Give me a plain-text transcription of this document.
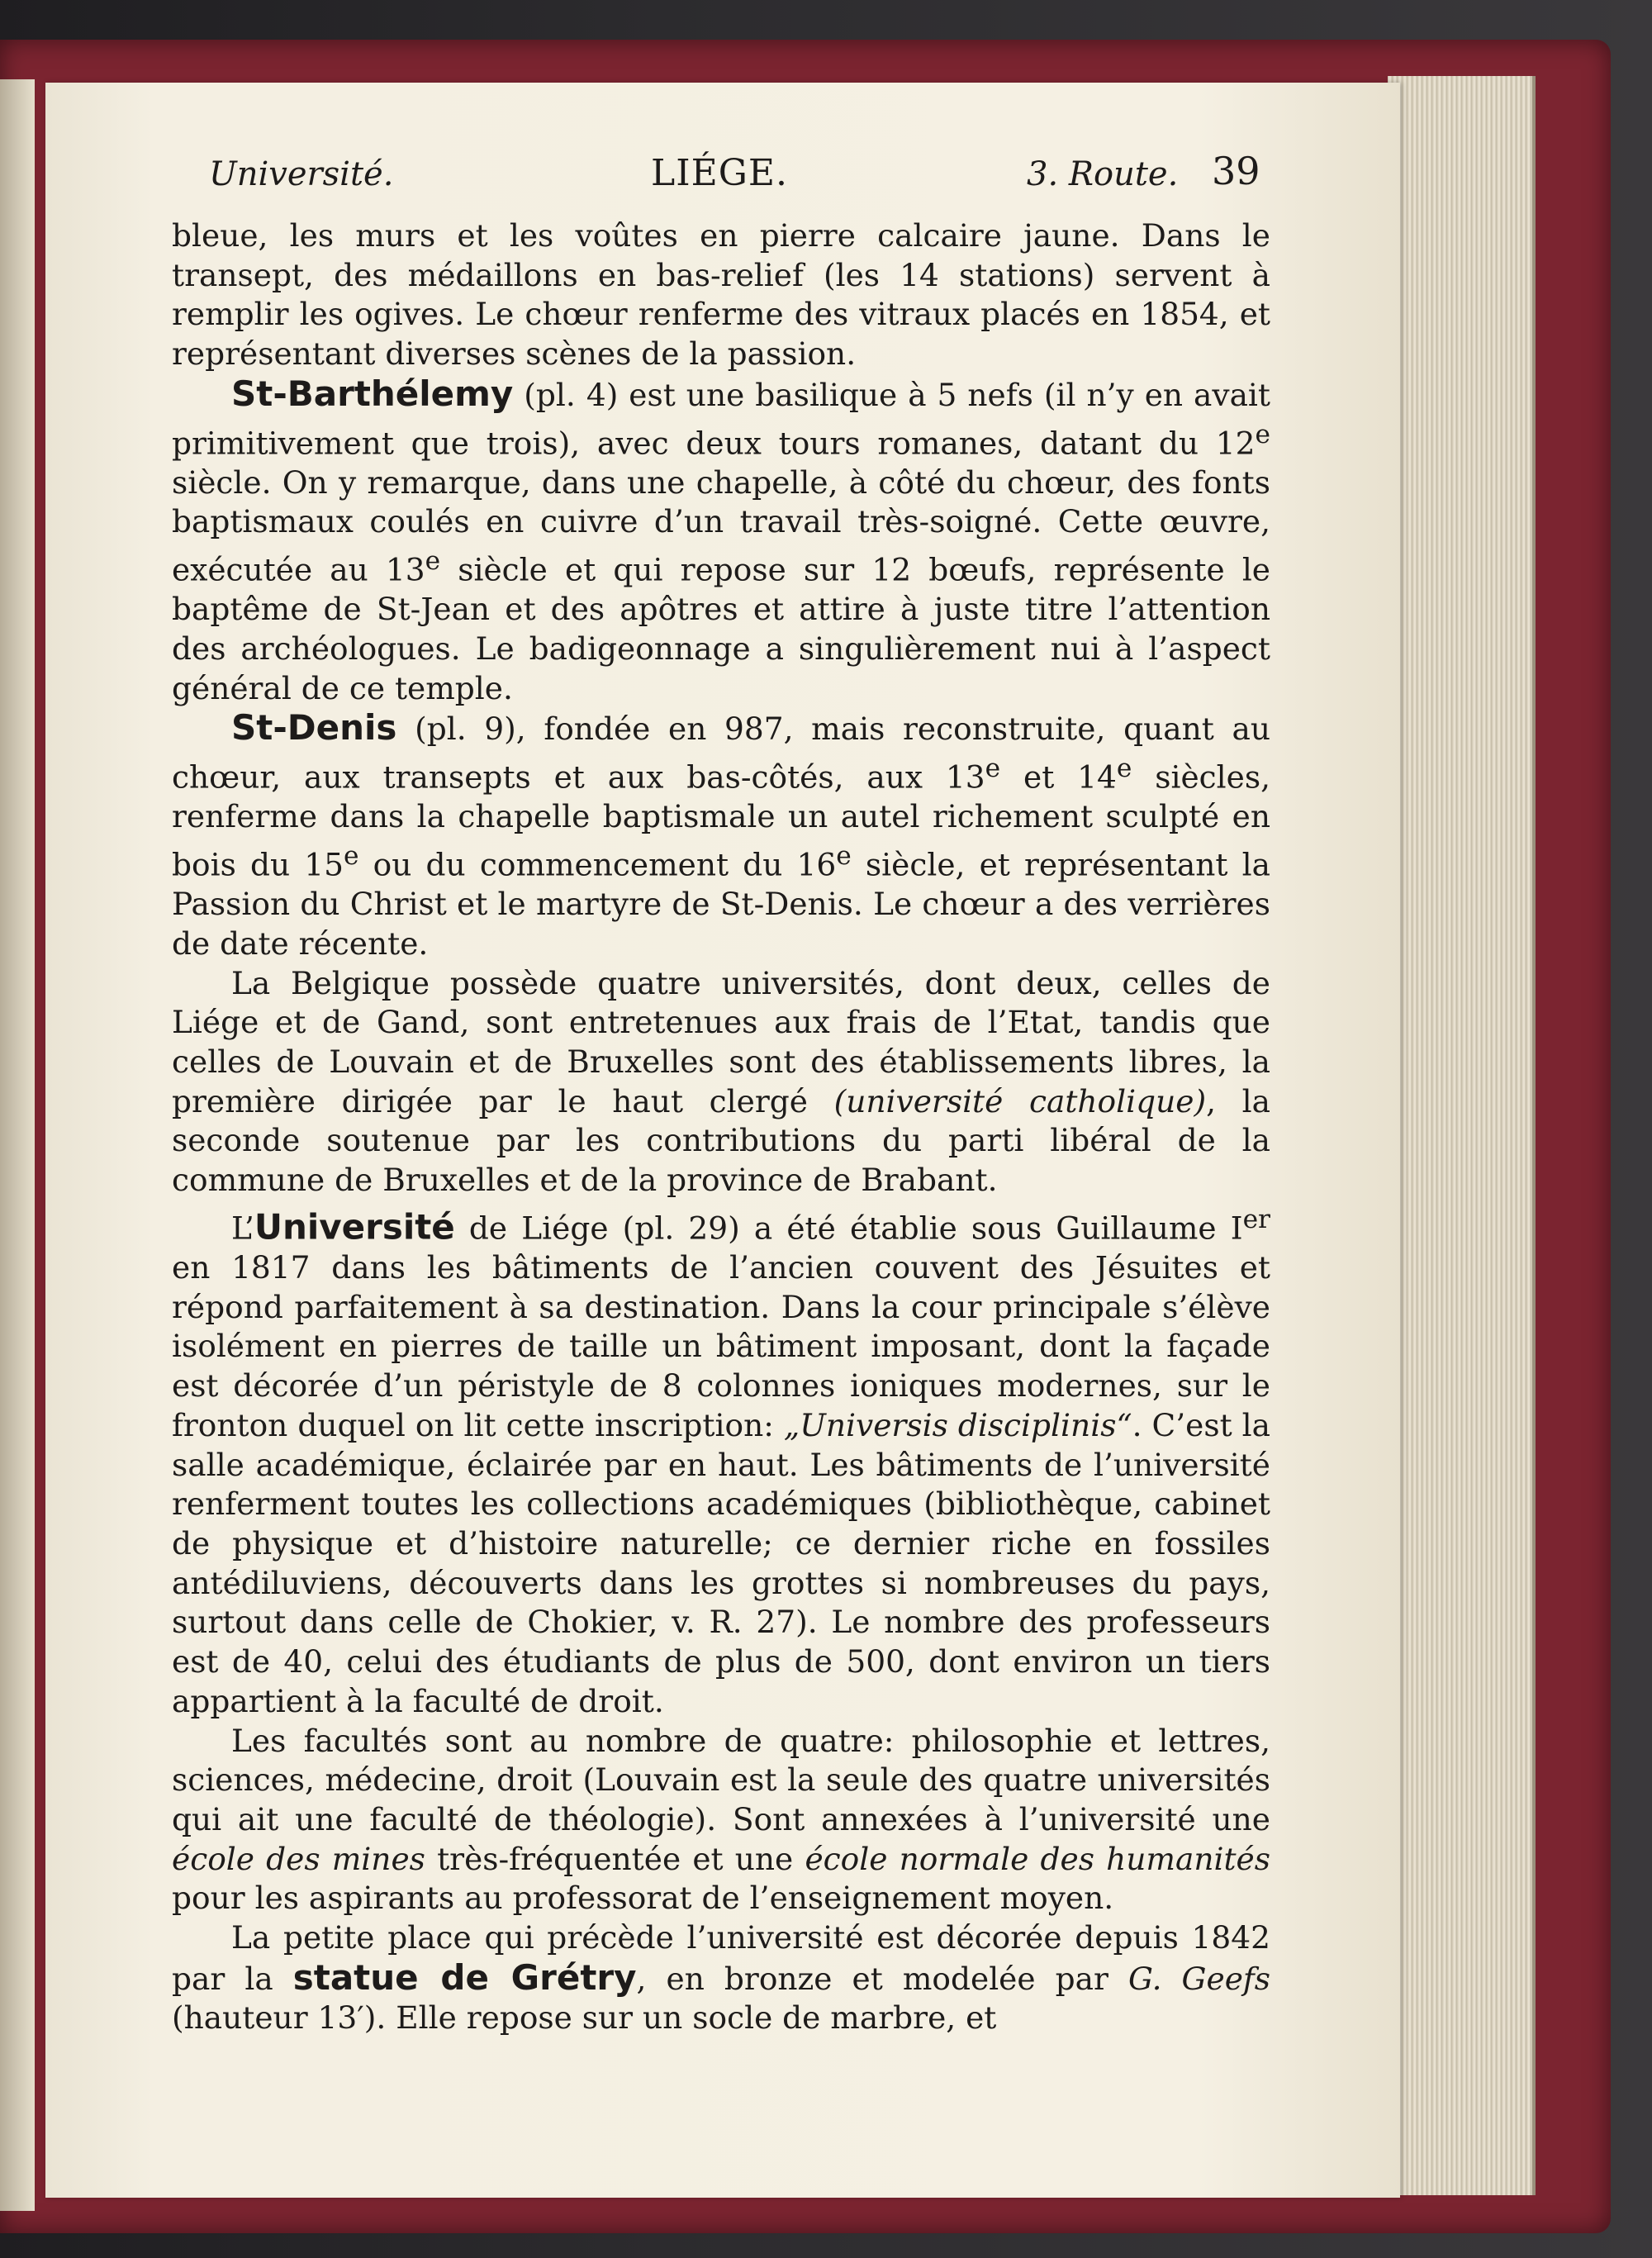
Université.	LIÉGE.	3. Route. 39

bleue, les murs et les voûtes en pierre calcaire jaune. Dans le transept, des médaillons en bas-relief (les 14 stations) servent à remplir les ogives. Le chœur renferme des vitraux placés en 1854, et représentant diverses scènes de la passion.

St-Barthélemy (pl. 4) est une basilique à 5 nefs (il n’y en avait primitivement que trois), avec deux tours romanes, datant du 12e siècle. On y remarque, dans une chapelle, à côté du chœur, des fonts baptismaux coulés en cuivre d’un travail très-soigné. Cette œuvre, exécutée au 13e siècle et qui repose sur 12 bœufs, représente le baptême de St-Jean et des apôtres et attire à juste titre l’attention des archéologues. Le badigeonnage a singulièrement nui à l’aspect général de ce temple.

St-Denis (pl. 9), fondée en 987, mais reconstruite, quant au chœur, aux transepts et aux bas-côtés, aux 13e et 14e siècles, renferme dans la chapelle baptismale un autel richement sculpté en bois du 15e ou du commencement du 16e siècle, et représentant la Passion du Christ et le martyre de St-Denis. Le chœur a des verrières de date récente.

La Belgique possède quatre universités, dont deux, celles de Liége et de Gand, sont entretenues aux frais de l’Etat, tandis que celles de Louvain et de Bruxelles sont des établissements libres, la première dirigée par le haut clergé (université catholique), la seconde soutenue par les contributions du parti libéral de la commune de Bruxelles et de la province de Brabant.

L’Université de Liége (pl. 29) a été établie sous Guillaume Ier en 1817 dans les bâtiments de l’ancien couvent des Jésuites et répond parfaitement à sa destination. Dans la cour principale s’élève isolément en pierres de taille un bâtiment imposant, dont la façade est décorée d’un péristyle de 8 colonnes ioniques modernes, sur le fronton duquel on lit cette inscription: „Universis disciplinis“. C’est la salle académique, éclairée par en haut. Les bâtiments de l’université renferment toutes les collections académiques (bibliothèque, cabinet de physique et d’histoire naturelle; ce dernier riche en fossiles antédiluviens, découverts dans les grottes si nombreuses du pays, surtout dans celle de Chokier, v. R. 27). Le nombre des professeurs est de 40, celui des étudiants de plus de 500, dont environ un tiers appartient à la faculté de droit.

Les facultés sont au nombre de quatre: philosophie et lettres, sciences, médecine, droit (Louvain est la seule des quatre universités qui ait une faculté de théologie). Sont annexées à l’université une école des mines très-fréquentée et une école normale des humanités pour les aspirants au professorat de l’enseignement moyen.

La petite place qui précède l’université est décorée depuis 1842 par la statue de Grétry, en bronze et modelée par G. Geefs (hauteur 13′). Elle repose sur un socle de marbre, et
